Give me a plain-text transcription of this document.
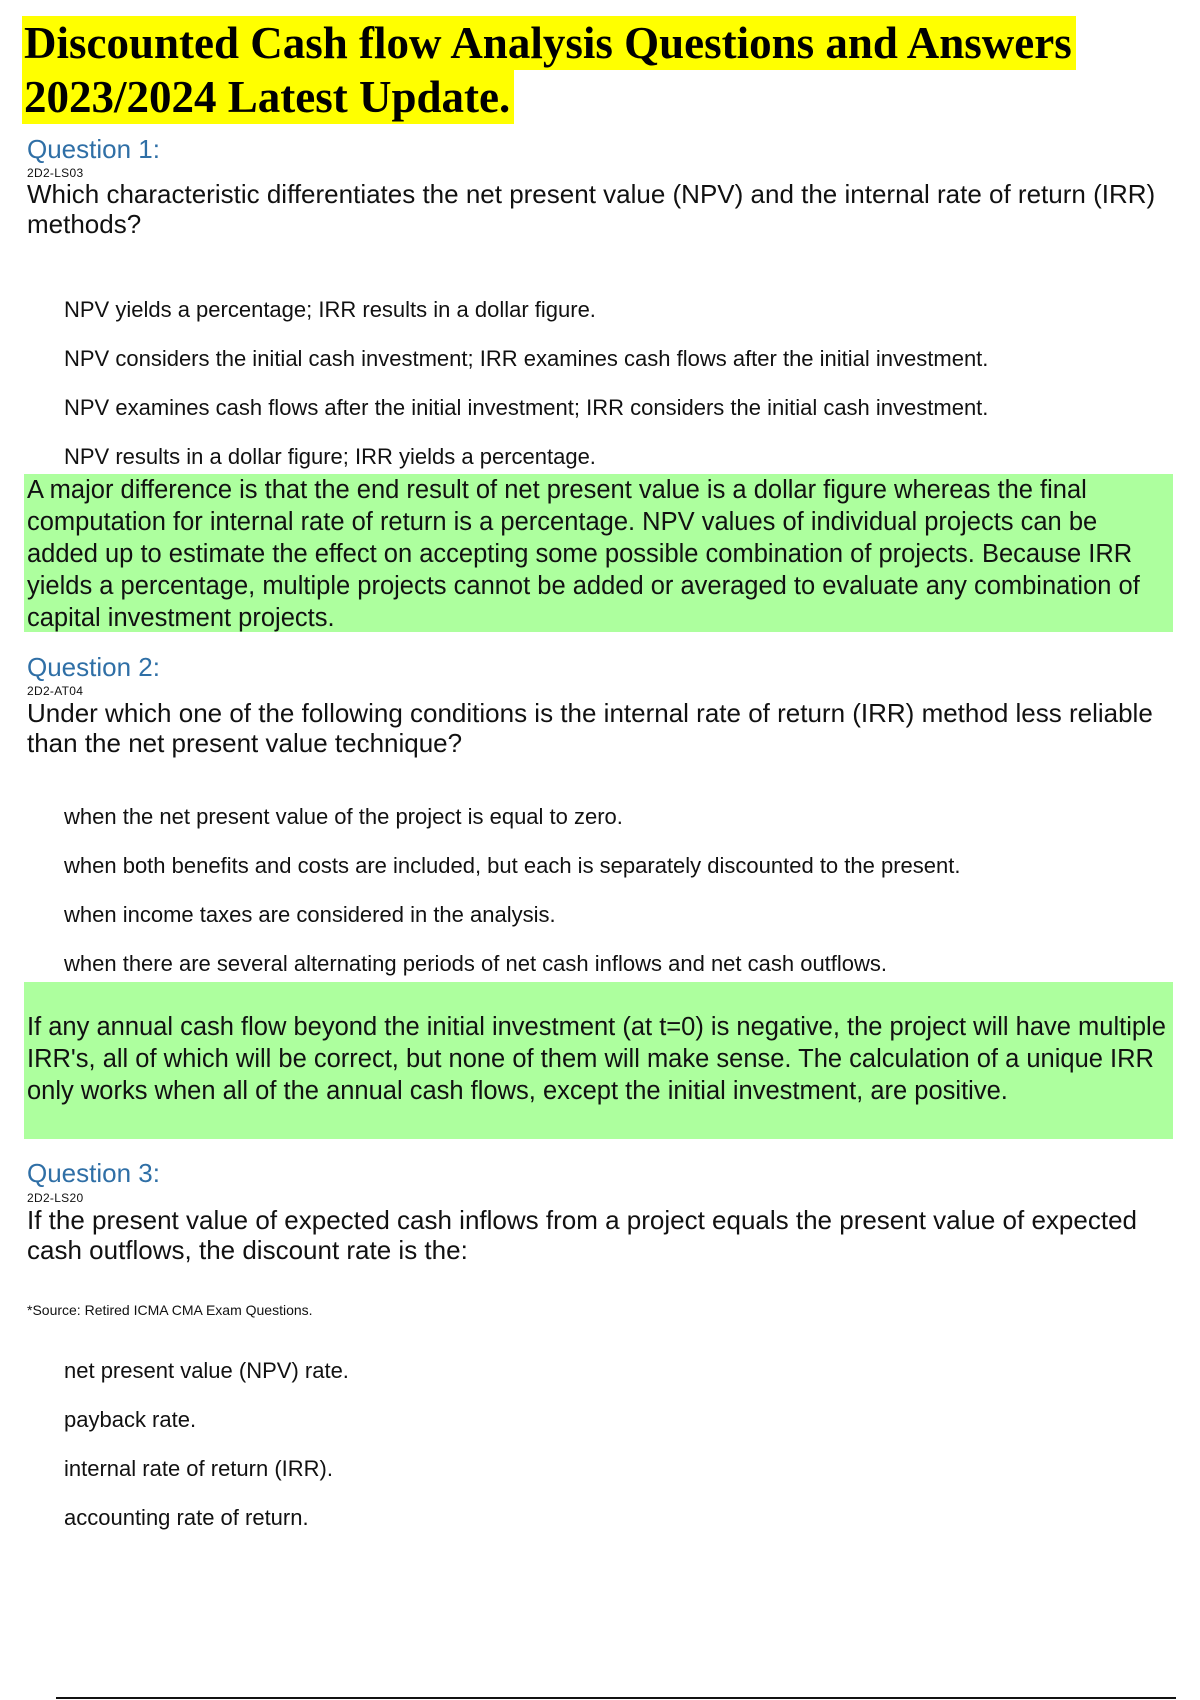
Discounted Cash flow Analysis Questions and Answers
2023/2024 Latest Update.
Question 1:
2D2-LS03
Which characteristic differentiates the net present value (NPV) and the internal rate of return (IRR) methods?
NPV yields a percentage; IRR results in a dollar figure.
NPV considers the initial cash investment; IRR examines cash flows after the initial investment.
NPV examines cash flows after the initial investment; IRR considers the initial cash investment.
NPV results in a dollar figure; IRR yields a percentage.
A major difference is that the end result of net present value is a dollar figure whereas the final computation for internal rate of return is a percentage. NPV values of individual projects can be added up to estimate the effect on accepting some possible combination of projects. Because IRR yields a percentage, multiple projects cannot be added or averaged to evaluate any combination of capital investment projects.
Question 2:
2D2-AT04
Under which one of the following conditions is the internal rate of return (IRR) method less reliable than the net present value technique?
when the net present value of the project is equal to zero.
when both benefits and costs are included, but each is separately discounted to the present.
when income taxes are considered in the analysis.
when there are several alternating periods of net cash inflows and net cash outflows.
If any annual cash flow beyond the initial investment (at t=0) is negative, the project will have multiple IRR's, all of which will be correct, but none of them will make sense. The calculation of a unique IRR only works when all of the annual cash flows, except the initial investment, are positive.
Question 3:
2D2-LS20
If the present value of expected cash inflows from a project equals the present value of expected cash outflows, the discount rate is the:
*Source: Retired ICMA CMA Exam Questions.
net present value (NPV) rate.
payback rate.
internal rate of return (IRR).
accounting rate of return.
